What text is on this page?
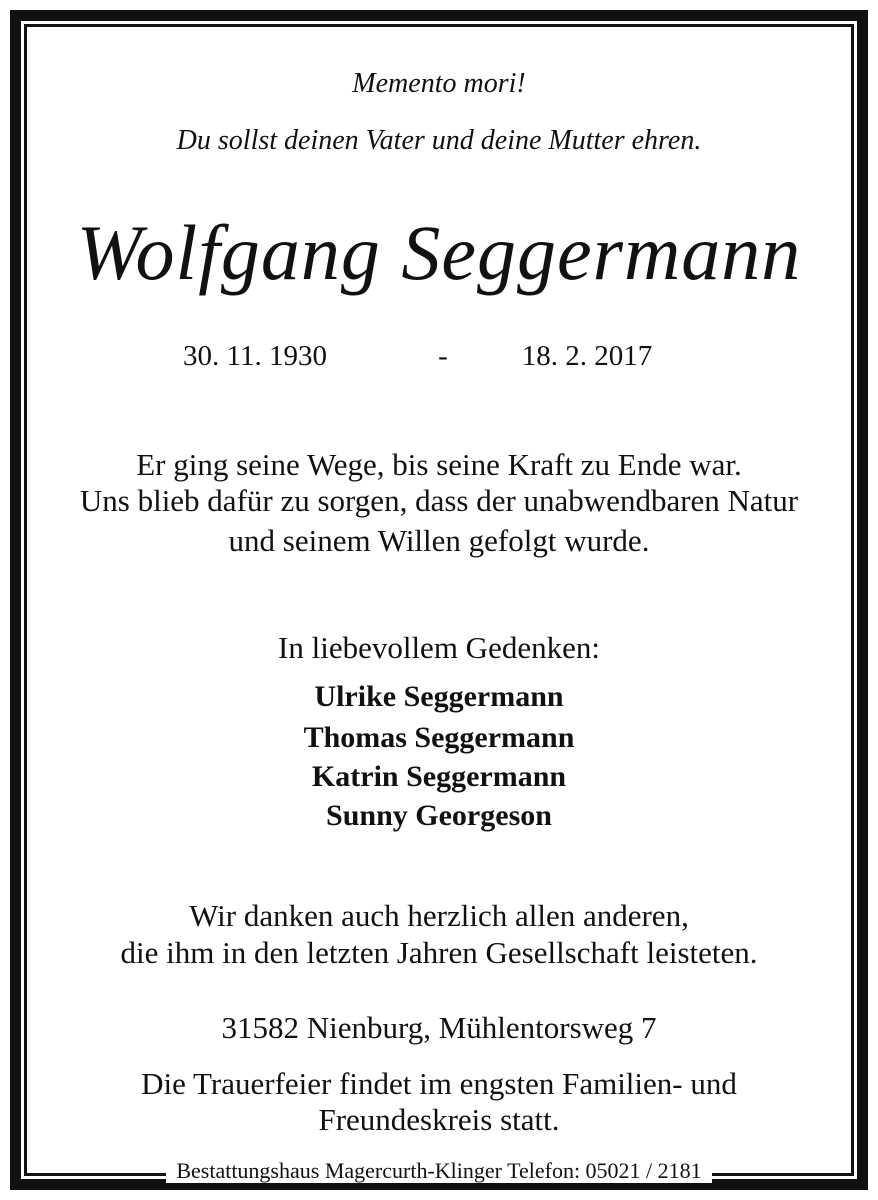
Memento mori!
Du sollst deinen Vater und deine Mutter ehren.
Wolfgang Seggermann
30. 11. 1930	-	18. 2. 2017
Er ging seine Wege, bis seine Kraft zu Ende war.
Uns blieb dafür zu sorgen, dass der unabwendbaren Natur
und seinem Willen gefolgt wurde.
In liebevollem Gedenken:
Ulrike Seggermann
Thomas Seggermann
Katrin Seggermann
Sunny Georgeson
Wir danken auch herzlich allen anderen,
die ihm in den letzten Jahren Gesellschaft leisteten.
31582 Nienburg, Mühlentorsweg 7
Die Trauerfeier findet im engsten Familien- und
Freundeskreis statt.
Bestattungshaus Magercurth-Klinger Telefon: 05021 / 2181
